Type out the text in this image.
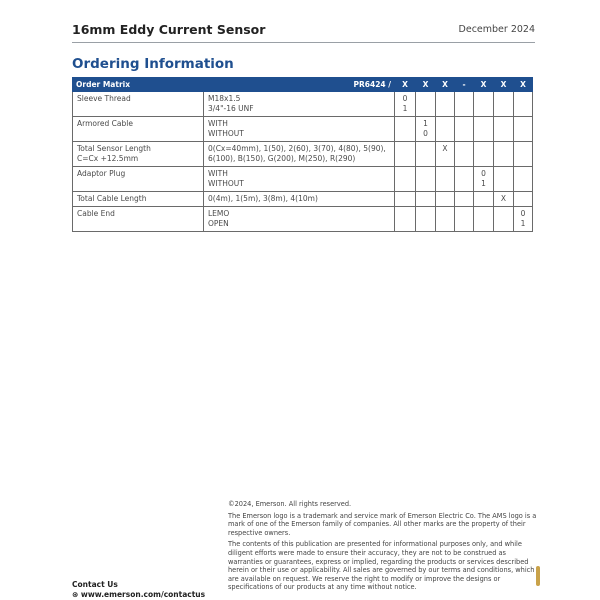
16mm Eddy Current Sensor	December 2024
Ordering Information
Order Matrix	PR6424 /	X	X	X	-	X	X	X

Sleeve Thread	M18x1.5
3/4"-16 UNF	0
1						

Armored Cable	WITH
WITHOUT		1
0					

Total Sensor Length
C=Cx +12.5mm	0(Cx=40mm), 1(50), 2(60), 3(70), 4(80), 5(90),
6(100), B(150), G(200), M(250), R(290)			X				

Adaptor Plug	WITH
WITHOUT					0
1		

Total Cable Length	0(4m), 1(5m), 3(8m), 4(10m)						X	

Cable End	LEMO
OPEN							0
1

©2024, Emerson. All rights reserved.

The Emerson logo is a trademark and service mark of Emerson Electric Co. The AMS logo is a mark of one of the Emerson family of companies. All other marks are the property of their respective owners.

The contents of this publication are presented for informational purposes only, and while diligent efforts were made to ensure their accuracy, they are not to be construed as warranties or guarantees, express or implied, regarding the products or services described herein or their use or applicability. All sales are governed by our terms and conditions, which are available on request. We reserve the right to modify or improve the designs or specifications of our products at any time without notice.

Contact Us
⊛ www.emerson.com/contactus
